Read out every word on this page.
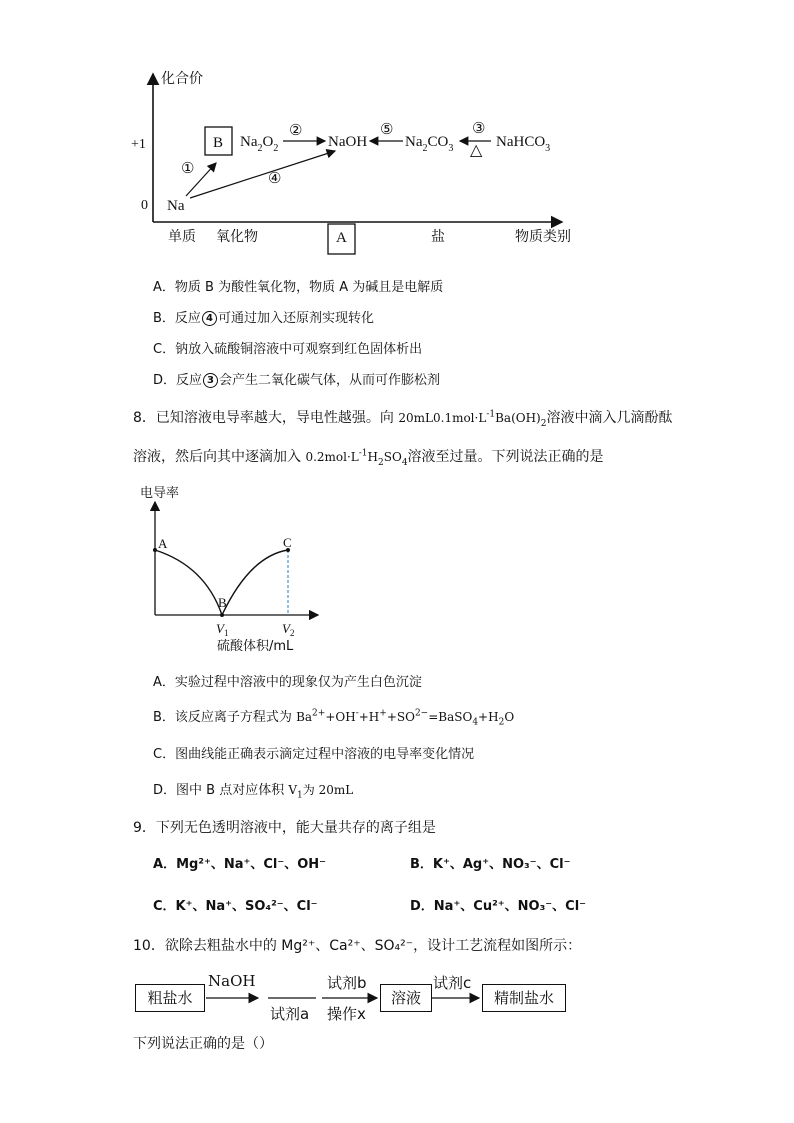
化合价
+1
0 Na
B $Na_2O_2$	NaOH	$Na_2CO_3$	NaHCO$_3$
①
②	③
④
⑤
△
单质 氧化物	A	盐	物质类别
A．物质 B 为酸性氧化物，物质 A 为碱且是电解质
B．反应 4 可通过加入还原剂实现转化
C．钠放入硫酸铜溶液中可观察到红色固体析出
D．反应 3 会产生二氧化碳气体，从而可作膨松剂
8．已知溶液电导率越大，导电性越强。向 $20mL0.1mol\cdot L^{-1}Ba(OH)_2$溶液中滴入几滴酚酞
溶液，然后向其中逐滴加入 $0.2mol\cdot L^{-1}H_2SO_4$溶液至过量。下列说法正确的是
电导率
A
B
C
$V_1$	$V_2$
硫酸体积/mL
A．实验过程中溶液中的现象仅为产生白色沉淀
B．该反应离子方程式为 $Ba^{2+}+OH^-+H^++SO^{2-}=BaSO_4+H_2O$
C．图曲线能正确表示滴定过程中溶液的电导率变化情况
D．图中 B 点对应体积 $V_1$为 20mL
9．下列无色透明溶液中，能大量共存的离子组是
A．Mg²⁺、Na⁺、Cl⁻、OH⁻	B．K⁺、Ag⁺、NO₃⁻、Cl⁻
C．K⁺、Na⁺、SO₄²⁻、Cl⁻	D．Na⁺、Cu²⁺、NO₃⁻、Cl⁻
10．欲除去粗盐水中的 Mg²⁺、Ca²⁺、SO₄²⁻，设计工艺流程如图所示：
粗盐水	溶液	精制盐水
NaOH
试剂a
试剂b
操作x
试剂c
下列说法正确的是（）
